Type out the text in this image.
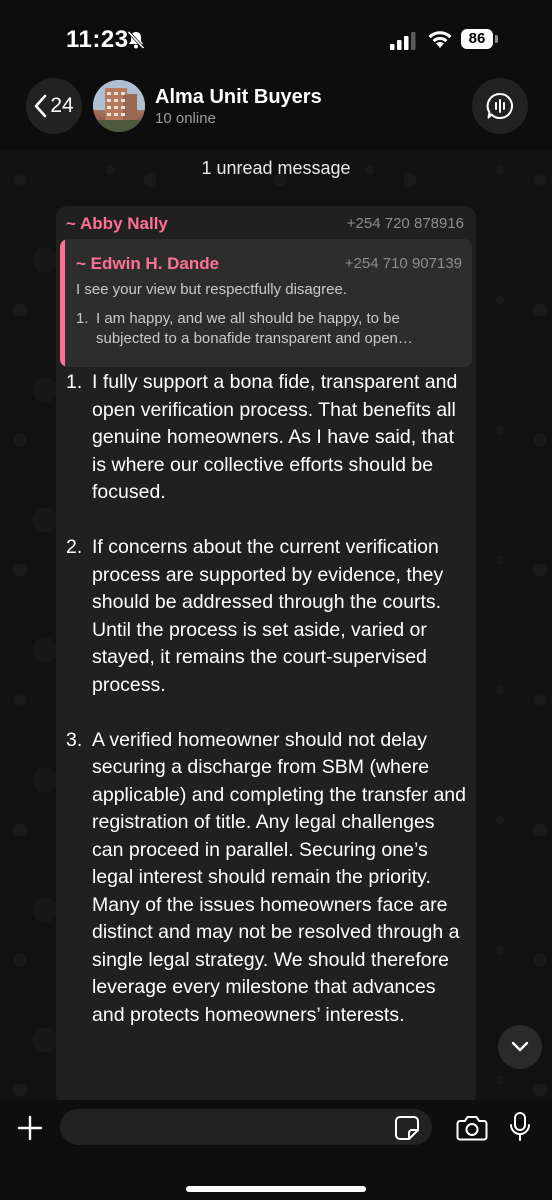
11:23	86
24	Alma Unit Buyers
10 online
1 unread message
~ Abby Nally	+254 720 878916
~ Edwin H. Dande	+254 710 907139
I see your view but respectfully disagree.
1. I am happy, and we all should be happy, to be subjected to a bonafide transparent and open…
1. I fully support a bona fide, transparent and open verification process. That benefits all genuine homeowners. As I have said, that is where our collective efforts should be focused.
2. If concerns about the current verification process are supported by evidence, they should be addressed through the courts. Until the process is set aside, varied or stayed, it remains the court-supervised process.
3. A verified homeowner should not delay securing a discharge from SBM (where applicable) and completing the transfer and registration of title. Any legal challenges can proceed in parallel. Securing one’s legal interest should remain the priority. Many of the issues homeowners face are distinct and may not be resolved through a single legal strategy. We should therefore leverage every milestone that advances and protects homeowners’ interests.
